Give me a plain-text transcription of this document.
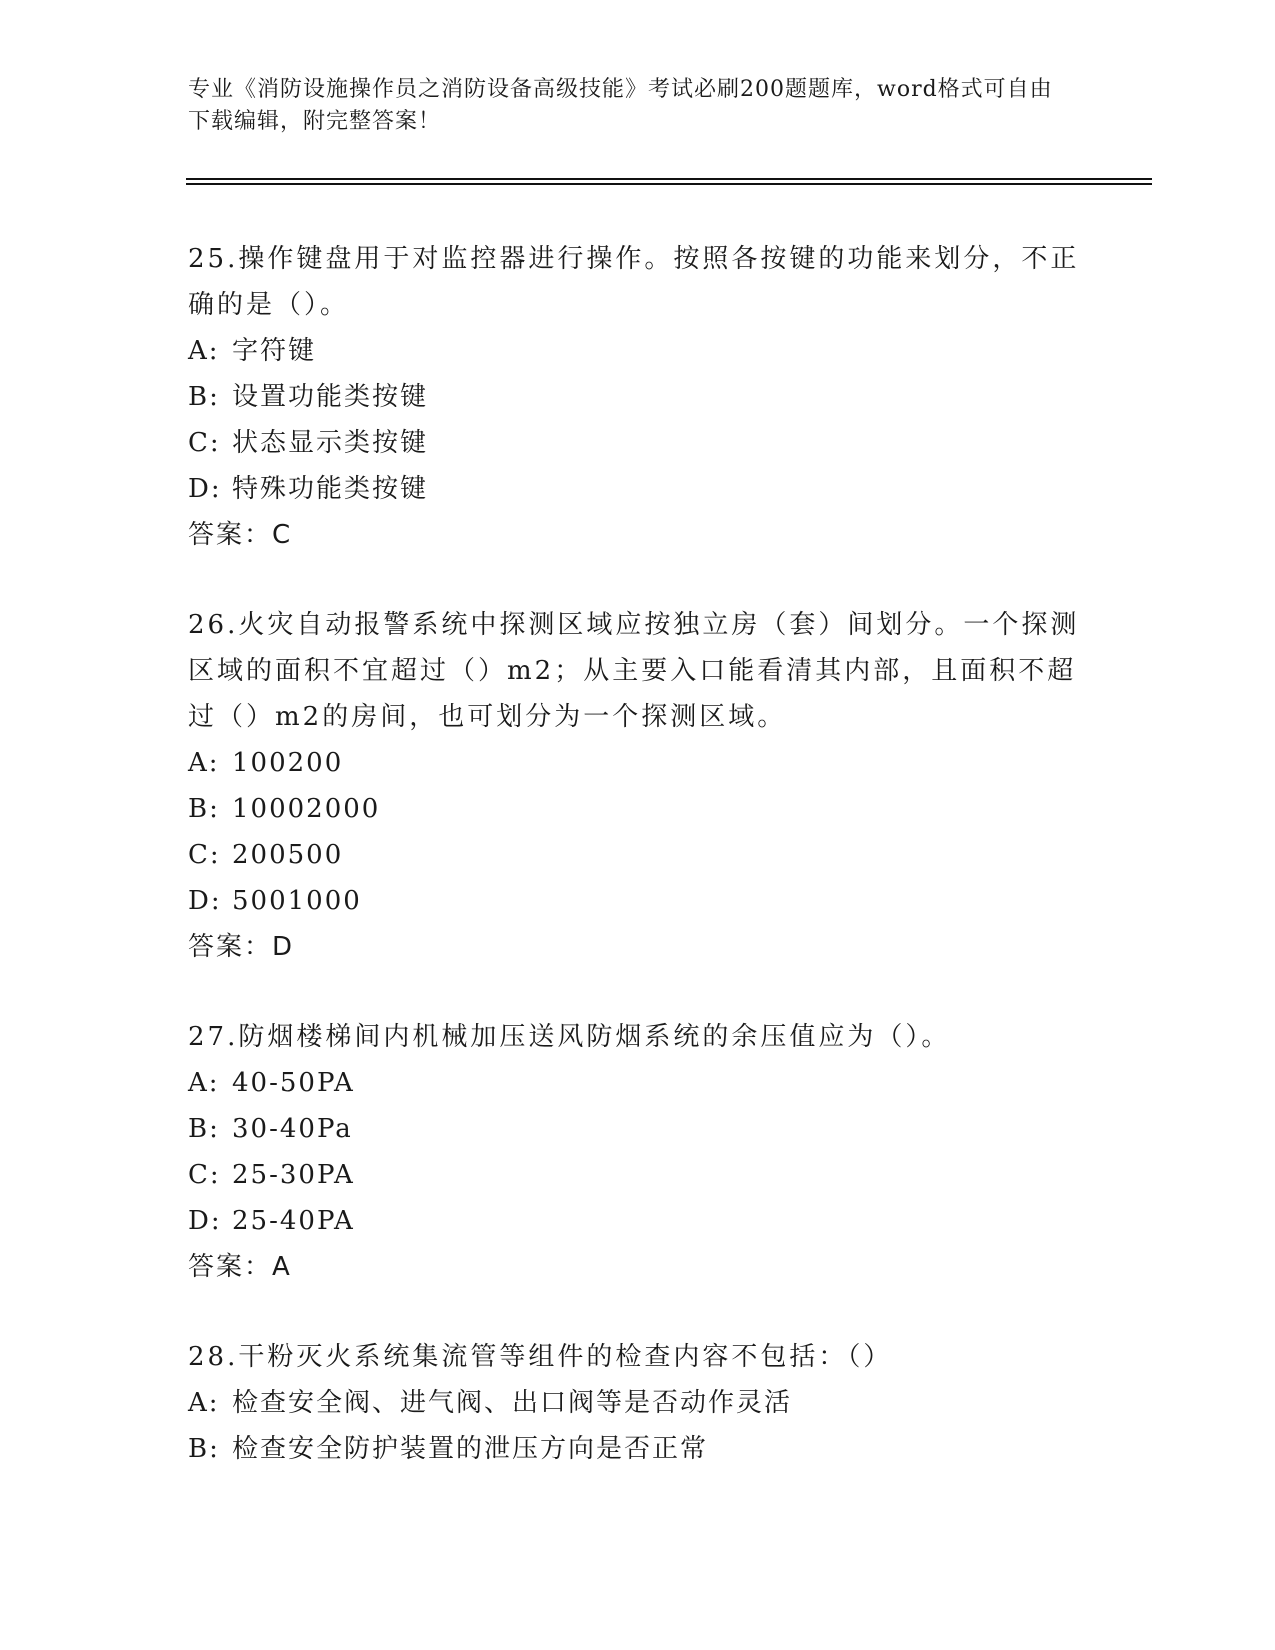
专业《消防设施操作员之消防设备高级技能》考试必刷200题题库，word格式可自由下载编辑，附完整答案！

25.操作键盘用于对监控器进行操作。按照各按键的功能来划分，不正确的是（）。

A: 字符键

B: 设置功能类按键

C: 状态显示类按键

D: 特殊功能类按键

答案：C

26.火灾自动报警系统中探测区域应按独立房（套）间划分。一个探测区域的面积不宜超过（）m2；从主要入口能看清其内部，且面积不超过（）m2的房间，也可划分为一个探测区域。

A: 100200

B: 10002000

C: 200500

D: 5001000

答案：D

27.防烟楼梯间内机械加压送风防烟系统的余压值应为（）。

A: 40-50PA

B: 30-40Pa

C: 25-30PA

D: 25-40PA

答案：A

28.干粉灭火系统集流管等组件的检查内容不包括：（）

A: 检查安全阀、进气阀、出口阀等是否动作灵活

B: 检查安全防护装置的泄压方向是否正常
